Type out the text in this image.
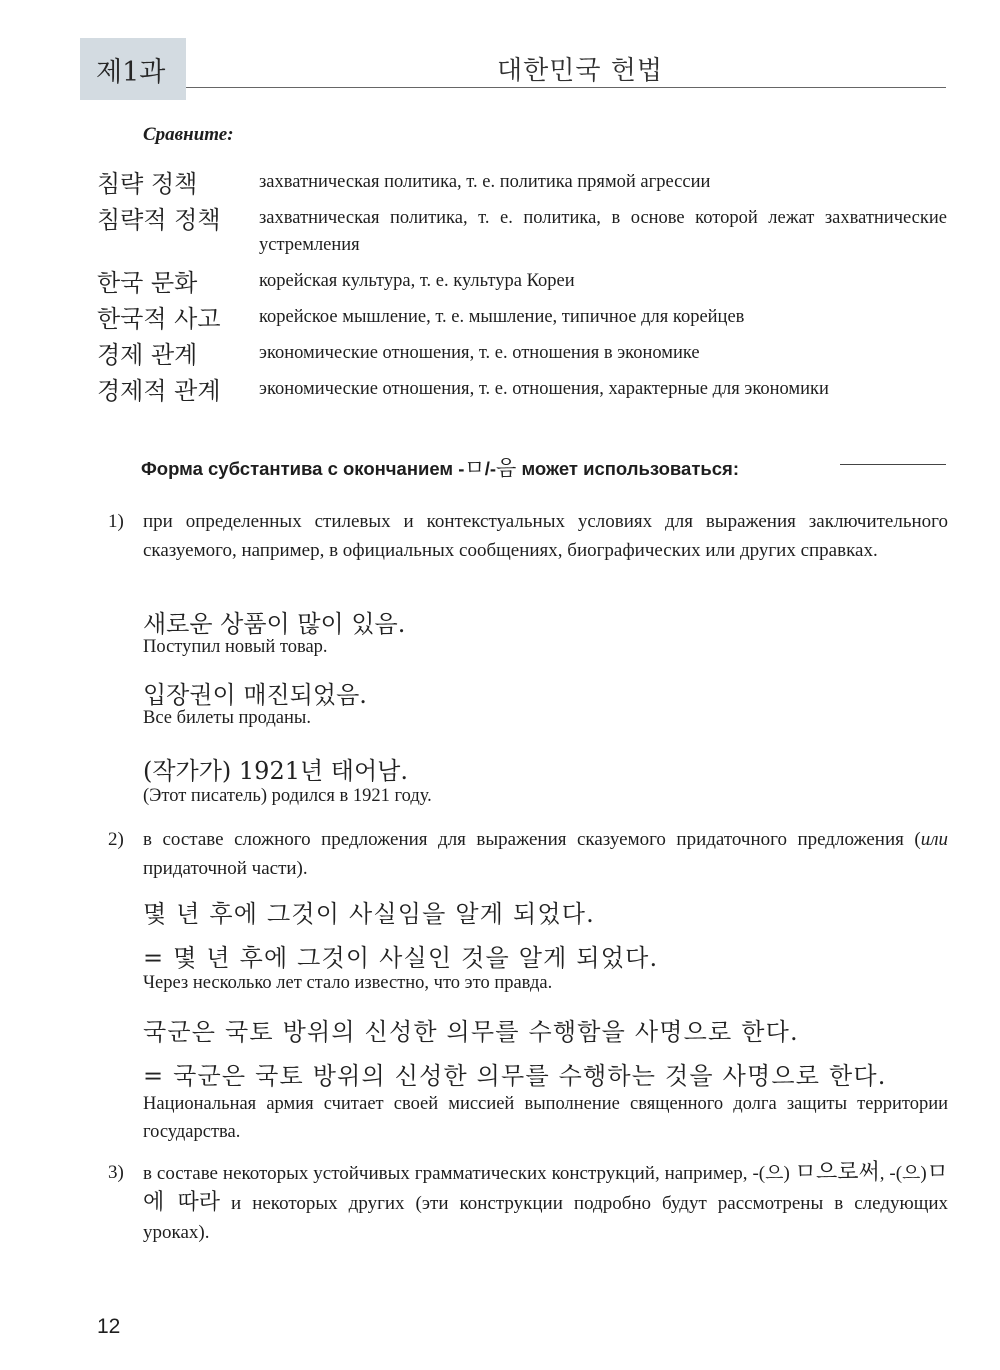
제1과	대한민국 헌법
Сравните:
침략 정책	захватническая политика, т. е. политика прямой агрессии
침략적 정책	захватническая политика, т. е. политика, в основе которой лежат захватнические устремления
한국 문화	корейская культура, т. е. культура Кореи
한국적 사고	корейское мышление, т. е. мышление, типичное для корейцев
경제 관계	экономические отношения, т. е. отношения в экономике
경제적 관계	экономические отношения, т. е. отношения, характерные для экономики
Форма субстантива с окончанием -ㅁ/-음 может использоваться:
1) при определенных стилевых и контекстуальных условиях для выражения заключительного сказуемого, например, в официальных сообщениях, биографических или других справках.
새로운 상품이 많이 있음.
Поступил новый товар.
입장권이 매진되었음.
Все билеты проданы.
(작가가) 1921년 태어남.
(Этот писатель) родился в 1921 году.
2) в составе сложного предложения для выражения сказуемого придаточного предложения (или придаточной части).
몇 년 후에 그것이 사실임을 알게 되었다.
= 몇 년 후에 그것이 사실인 것을 알게 되었다.
Через несколько лет стало известно, что это правда.
국군은 국토 방위의 신성한 의무를 수행함을 사명으로 한다.
= 국군은 국토 방위의 신성한 의무를 수행하는 것을 사명으로 한다.
Национальная армия считает своей миссией выполнение священного долга защиты территории государства.
3) в составе некоторых устойчивых грамматических конструкций, например, -(으) ㅁ으로써, -(으)ㅁ에 따라 и некоторых других (эти конструкции подробно будут рассмотрены в следующих уроках).
12
